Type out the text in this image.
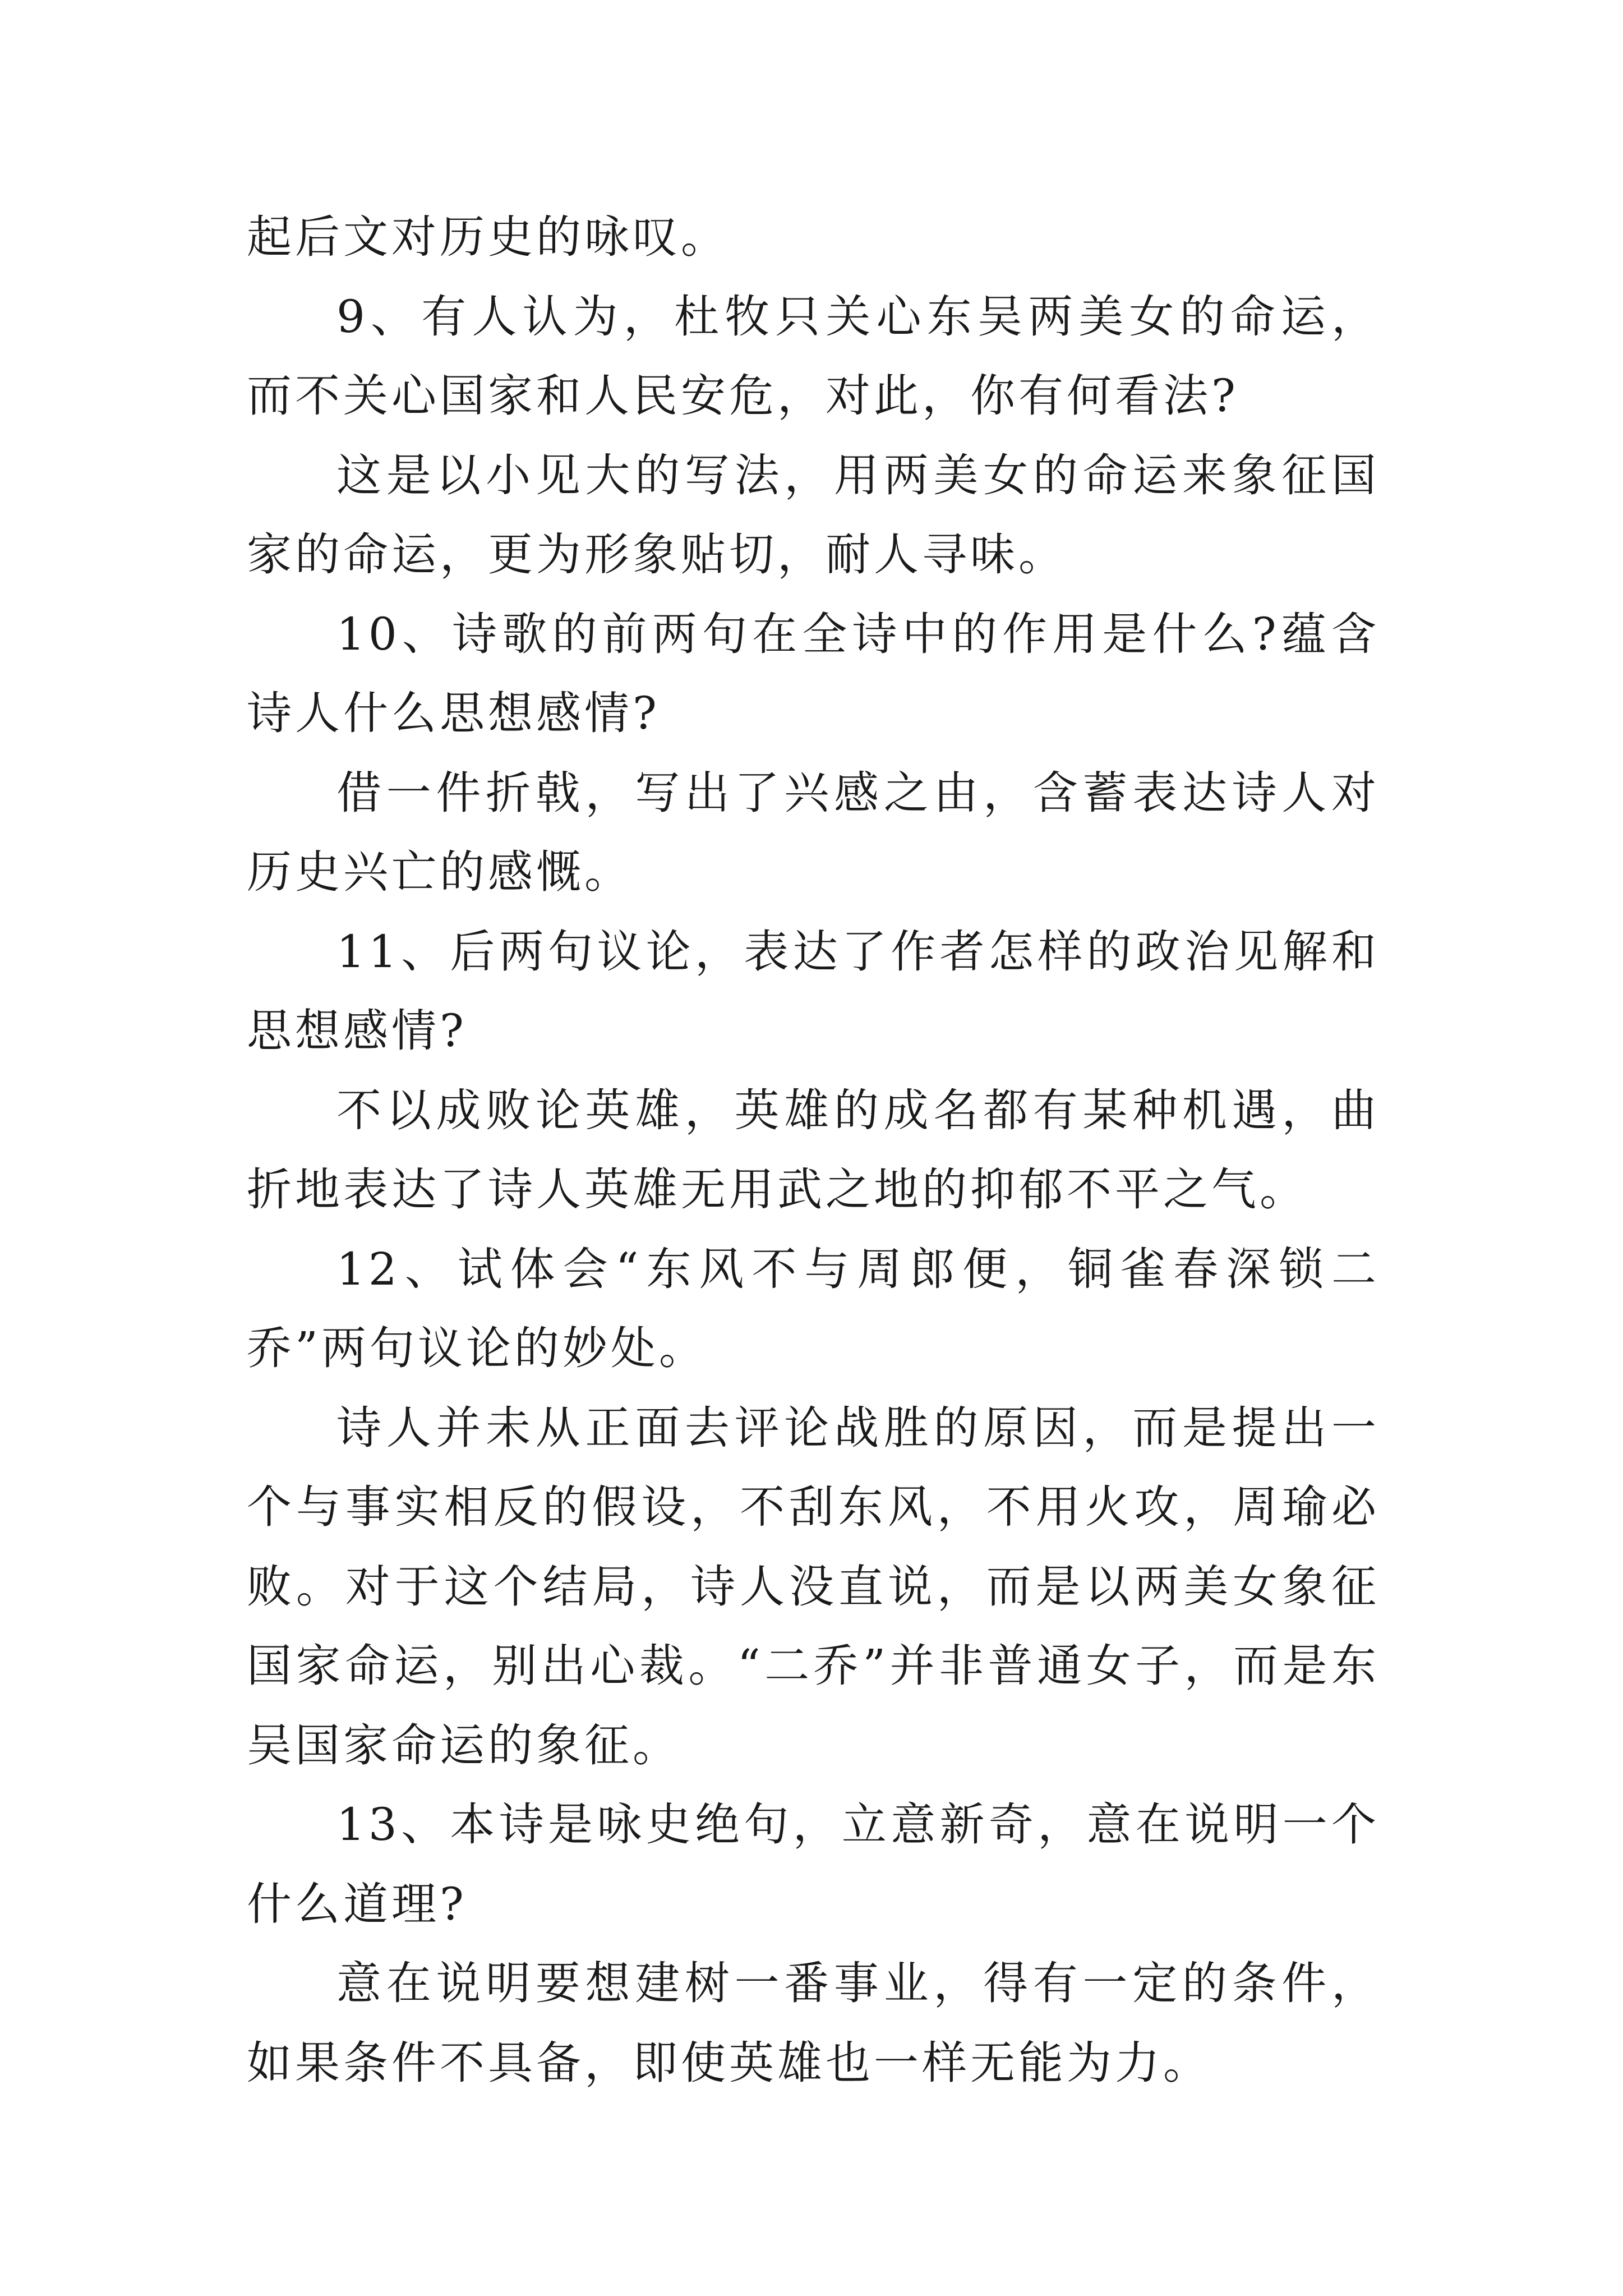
起后文对历史的咏叹。

9、有人认为，杜牧只关心东吴两美女的命运，而不关心国家和人民安危，对此，你有何看法?

这是以小见大的写法，用两美女的命运来象征国家的命运，更为形象贴切，耐人寻味。

10、诗歌的前两句在全诗中的作用是什么?蕴含诗人什么思想感情?

借一件折戟，写出了兴感之由，含蓄表达诗人对历史兴亡的感慨。

11、后两句议论，表达了作者怎样的政治见解和思想感情?

不以成败论英雄，英雄的成名都有某种机遇，曲折地表达了诗人英雄无用武之地的抑郁不平之气。

12、试体会“东风不与周郎便，铜雀春深锁二乔”两句议论的妙处。

诗人并未从正面去评论战胜的原因，而是提出一个与事实相反的假设，不刮东风，不用火攻，周瑜必败。对于这个结局，诗人没直说，而是以两美女象征国家命运，别出心裁。“二乔”并非普通女子，而是东吴国家命运的象征。

13、本诗是咏史绝句，立意新奇，意在说明一个什么道理?

意在说明要想建树一番事业，得有一定的条件，如果条件不具备，即使英雄也一样无能为力。
